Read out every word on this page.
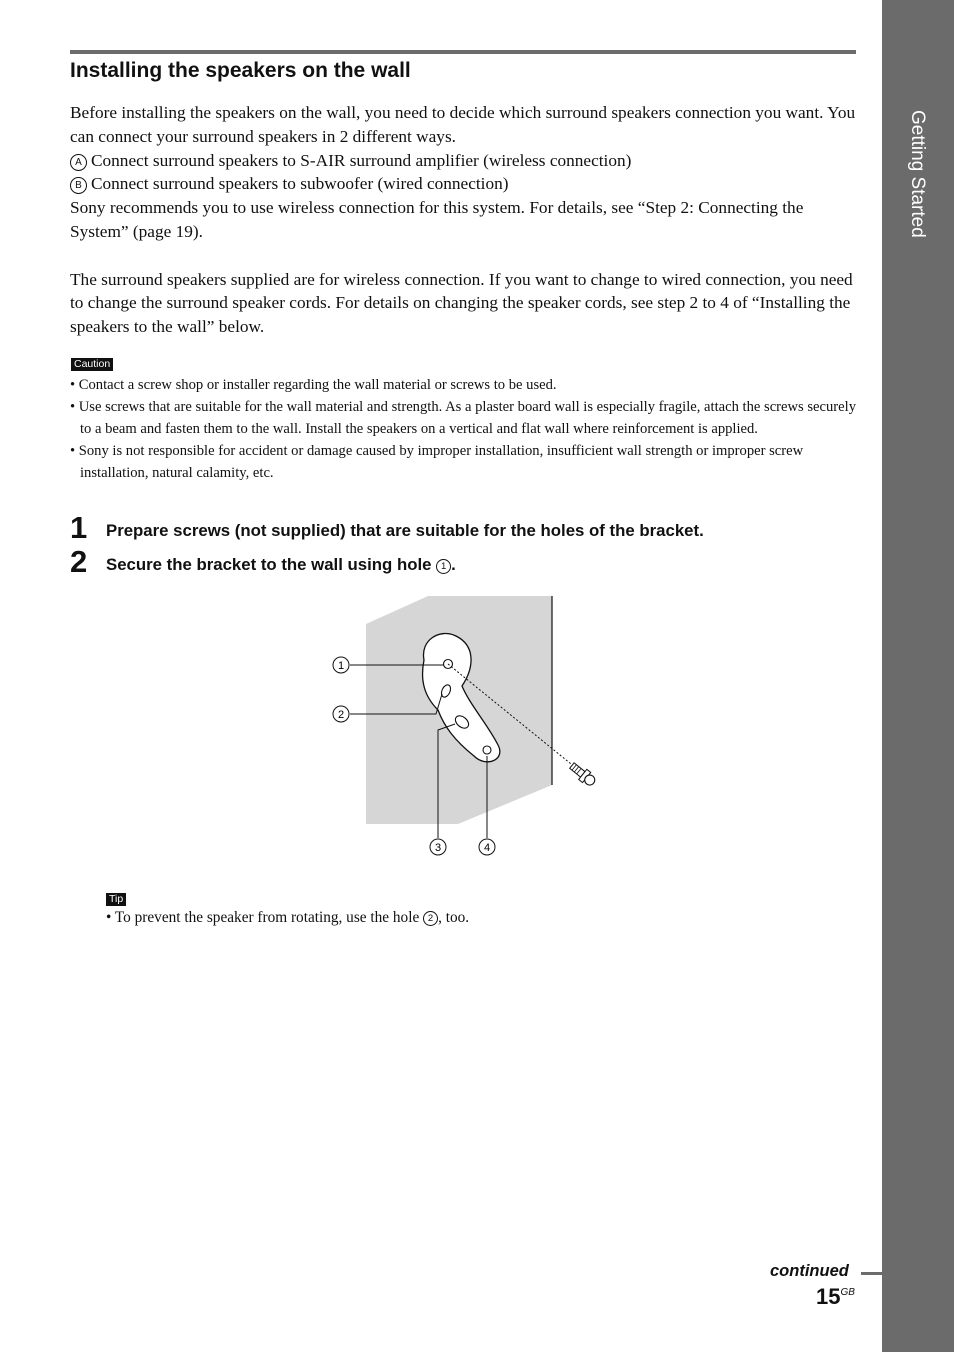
Getting Started
Installing the speakers on the wall

Before installing the speakers on the wall, you need to decide which surround speakers connection you want. You can connect your surround speakers in 2 different ways.

A Connect surround speakers to S-AIR surround amplifier (wireless connection)

B Connect surround speakers to subwoofer (wired connection)

Sony recommends you to use wireless connection for this system. For details, see “Step 2: Connecting the System” (page 19).

The surround speakers supplied are for wireless connection. If you want to change to wired connection, you need to change the surround speaker cords. For details on changing the speaker cords, see step 2 to 4 of “Installing the speakers to the wall” below.

Caution
• Contact a screw shop or installer regarding the wall material or screws to be used.
• Use screws that are suitable for the wall material and strength. As a plaster board wall is especially fragile, attach the screws securely to a beam and fasten them to the wall. Install the speakers on a vertical and flat wall where reinforcement is applied.
• Sony is not responsible for accident or damage caused by improper installation, insufficient wall strength or improper screw installation, natural calamity, etc.
1 Prepare screws (not supplied) that are suitable for the holes of the bracket.
2 Secure the bracket to the wall using hole 1 .
1
2
3	4
Tip
• To prevent the speaker from rotating, use the hole 2 , too.
continued
$15^{GB}$
